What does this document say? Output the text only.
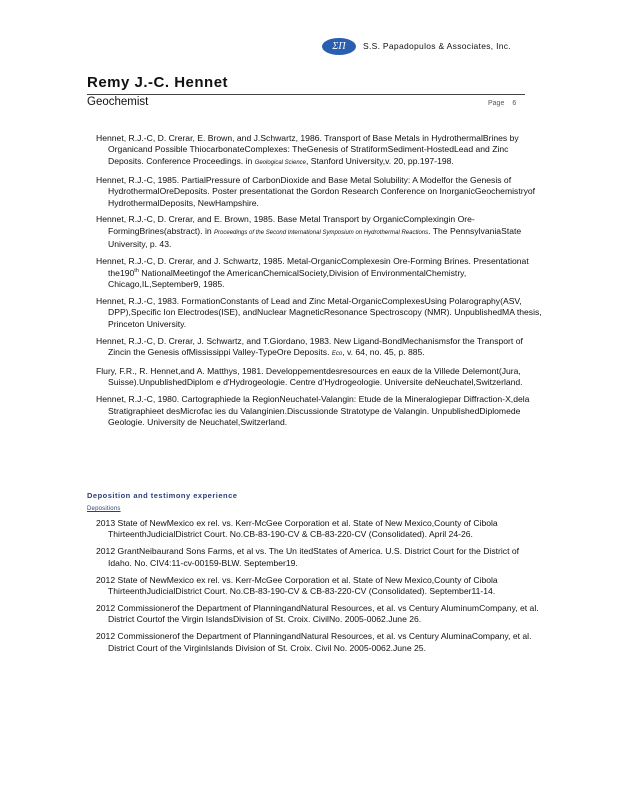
ΣΠ	S.S. Papadopulos & Associates, Inc.
Remy J.-C. Hennet
Geochemist	Page 6

Hennet, R.J.-C, D. Crerar, E. Brown, and J.Schwartz, 1986. Transport of Base Metals in HydrothermalBrines by Organicand Possible ThiocarbonateComplexes: TheGenesis of StratiformSediment-HostedLead and Zinc Deposits. Conference Proceedings. in Geological Science, Stanford University,v. 20, pp.197-198.

Hennet, R.J.-C, 1985. PartialPressure of CarbonDioxide and Base Metal Solubility: A Modelfor the Genesis of HydrothermalOreDeposits. Poster presentationat the Gordon Research Conference on InorganicGeochemistryof HydrothermalDeposits, NewHampshire.

Hennet, R.J.-C, D. Crerar, and E. Brown, 1985. Base Metal Transport by OrganicComplexingin Ore-FormingBrines(abstract). in Proceedings of the Second International Symposium on Hydrothermal Reactions. The PennsylvaniaState University, p. 43.

Hennet, R.J.-C, D. Crerar, and J. Schwartz, 1985. Metal-OrganicComplexesin Ore-Forming Brines. Presentationat the190th NationalMeetingof the AmericanChemicalSociety,Division of EnvironmentalChemistry, Chicago,IL,September9, 1985.

Hennet, R.J.-C, 1983. FormationConstants of Lead and Zinc Metal-OrganicComplexesUsing Polarography(ASV, DPP),Specific Ion Electrodes(ISE), andNuclear MagneticResonance Spectroscopy (NMR). UnpublishedMA thesis, Princeton University.

Hennet, R.J.-C, D. Crerar, J. Schwartz, and T.Giordano, 1983. New Ligand-BondMechanismsfor the Transport of Zincin the Genesis ofMississippi Valley-TypeOre Deposits. Eco, v. 64, no. 45, p. 885.

Flury, F.R., R. Hennet,and A. Matthys, 1981. Developpementdesresources en eaux de la Villede Delemont(Jura, Suisse).UnpublishedDiplom e d'Hydrogeologie. Centre d'Hydrogeologie. Universite deNeuchatel,Switzerland.

Hennet, R.J.-C, 1980. Cartographiede la RegionNeuchatel-Valangin: Etude de la Mineralogiepar Diffraction-X,dela Stratigraphieet desMicrofac ies du Valanginien.Discussionde Stratotype de Valangin. UnpublishedDiplomede Geologie. University de Neuchatel,Switzerland.

Deposition and testimony experience
Depositions

2013 State of NewMexico ex rel. vs. Kerr-McGee Corporation et al. State of New Mexico,County of Cibola ThirteenthJudicialDistrict Court. No.CB-83-190-CV & CB-83-220-CV (Consolidated). April 24-26.

2012 GrantNeibaurand Sons Farms, et al vs. The Un itedStates of America. U.S. District Court for the District of Idaho. No. CIV4:11-cv-00159-BLW. September19.

2012 State of NewMexico ex rel. vs. Kerr-McGee Corporation et al. State of New Mexico,County of Cibola ThirteenthJudicialDistrict Court. No.CB-83-190-CV & CB-83-220-CV (Consolidated). September11-14.

2012 Commissionerof the Department of PlanningandNatural Resources, et al. vs Century AluminumCompany, et al. District Courtof the Virgin IslandsDivision of St. Croix. CivilNo. 2005-0062.June 26.

2012 Commissionerof the Department of PlanningandNatural Resources, et al. vs Century AluminaCompany, et al. District Court of the VirginIslands Division of St. Croix. Civil No. 2005-0062.June 25.
